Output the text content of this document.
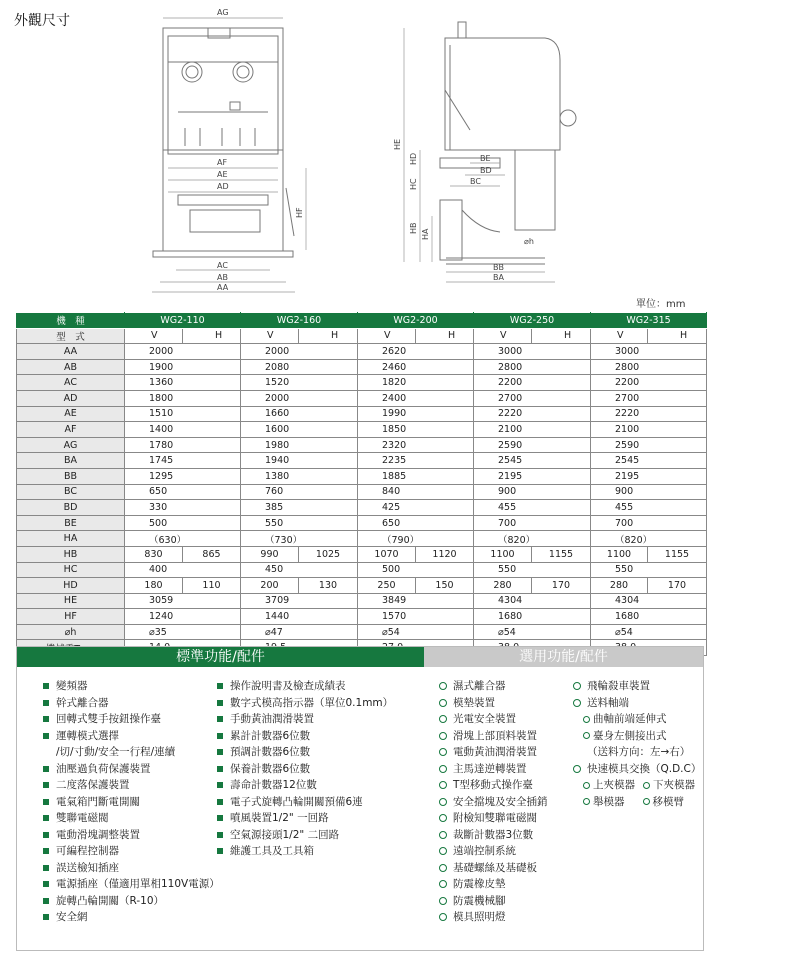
外觀尺寸
AG
AF
AE
AD
HF
AC
AB
AA
HE
HD	BE
BD
HC	BC
HB
HA
⌀h
BB
BA
單位：mm
機　種	WG2-110		WG2-160		WG2-200		WG2-250		WG2-315	
型　式	V	H	V	H	V	H	V	H	V	H
AA	2000		2000		2620		3000		3000	
AB	1900		2080		2460		2800		2800	
AC	1360		1520		1820		2200		2200	
AD	1800		2000		2400		2700		2700	
AE	1510		1660		1990		2220		2220	
AF	1400		1600		1850		2100		2100	
AG	1780		1980		2320		2590		2590	
BA	1745		1940		2235		2545		2545	
BB	1295		1380		1885		2195		2195	
BC	650		760		840		900		900	
BD	330		385		425		455		455	
BE	500		550		650		700		700	
HA	（630）		（730）		（790）		（820）		（820）	
HB	830	865	990	1025	1070	1120	1100	1155	1100	1155
HC	400		450		500		550		550	
HD	180	110	200	130	250	150	280	170	280	170
HE	3059		3709		3849		4304		4304	
HF	1240		1440		1570		1680		1680	
⌀h	⌀35		⌀47		⌀54		⌀54		⌀54	

標準功能/配件	選用功能/配件
變頻器
幹式離合器
回轉式雙手按鈕操作臺
運轉模式選擇
/切/寸動/安全一行程/連續
油壓過負荷保護裝置
二度落保護裝置
電氣箱門斷電開關
雙聯電磁閥
電動滑塊調整裝置
可編程控制器
誤送檢知插座
電源插座（僅適用單相110V電源）
旋轉凸輪開關（R-10）
安全網
操作說明書及檢查成績表
數字式模高指示器（單位0.1mm）
手動黃油潤滑裝置
累計計數器6位數
預調計數器6位數
保養計數器6位數
壽命計數器12位數
電子式旋轉凸輪開關預備6連
噴風裝置1/2" 一回路
空氣源接頭1/2" 二回路
維護工具及工具箱
濕式離合器
模墊裝置
光電安全裝置
滑塊上部頂料裝置
電動黃油潤滑裝置
主馬達逆轉裝置
T型移動式操作臺
安全擋塊及安全插銷
附檢知雙聯電磁閥
裁斷計數器3位數
遠端控制系統
基礎螺絲及基礎板
防震橡皮墊
防震機械腳
模具照明燈
飛輪殺車裝置
送料軸端
曲軸前端延伸式
臺身左側接出式
（送料方向：左→右）
快速模具交換（Q.D.C）
上夾模器 下夾模器
舉模器	移模臂
